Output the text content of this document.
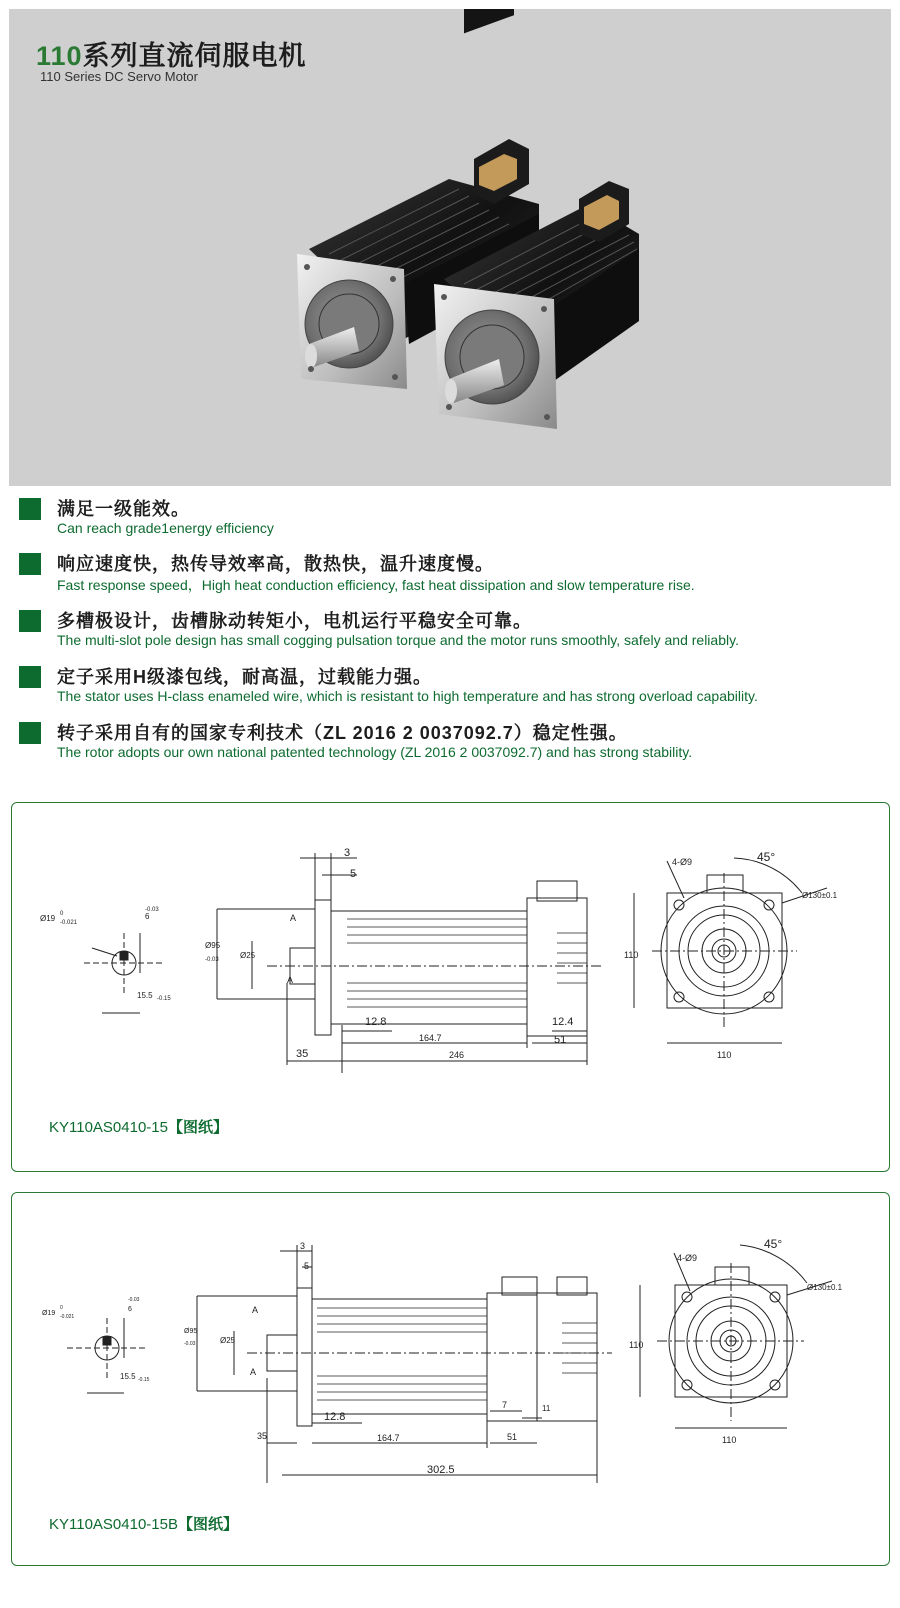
110系列直流伺服电机
110 Series DC Servo Motor
满足一级能效。
Can reach grade1energy efficiency
响应速度快，热传导效率高，散热快，温升速度慢。
Fast response speed，High heat conduction efficiency, fast heat dissipation and slow temperature rise.
多槽极设计，齿槽脉动转矩小，电机运行平稳安全可靠。
The multi-slot pole design has small cogging pulsation torque and the motor runs smoothly, safely and reliably.
定子采用H级漆包线，耐高温，过载能力强。
The stator uses H-class enameled wire, which is resistant to high temperature and has strong overload capability.
转子采用自有的国家专利技术（ZL 2016 2 0037092.7）稳定性强。
The rotor adopts our own national patented technology (ZL 2016 2 0037092.7) and has strong stability.
Ø19 -0.021
0	6
-0.03
15.5 -0.15
Ø95
-0.03	Ø25
A
A
3
5
12.8
164.7
35	246
12.4
51
4-Ø9	45°
Ø130±0.1
110
110
KY110AS0410-15【图纸】
Ø19 -0.021
0	6
-0.03
15.5 -0.15
Ø95
-0.03	Ø25
A
A
3
5
12.8
35	164.7
7	11
51
302.5
4-Ø9
45°
Ø130±0.1
110
110
KY110AS0410-15B【图纸】
